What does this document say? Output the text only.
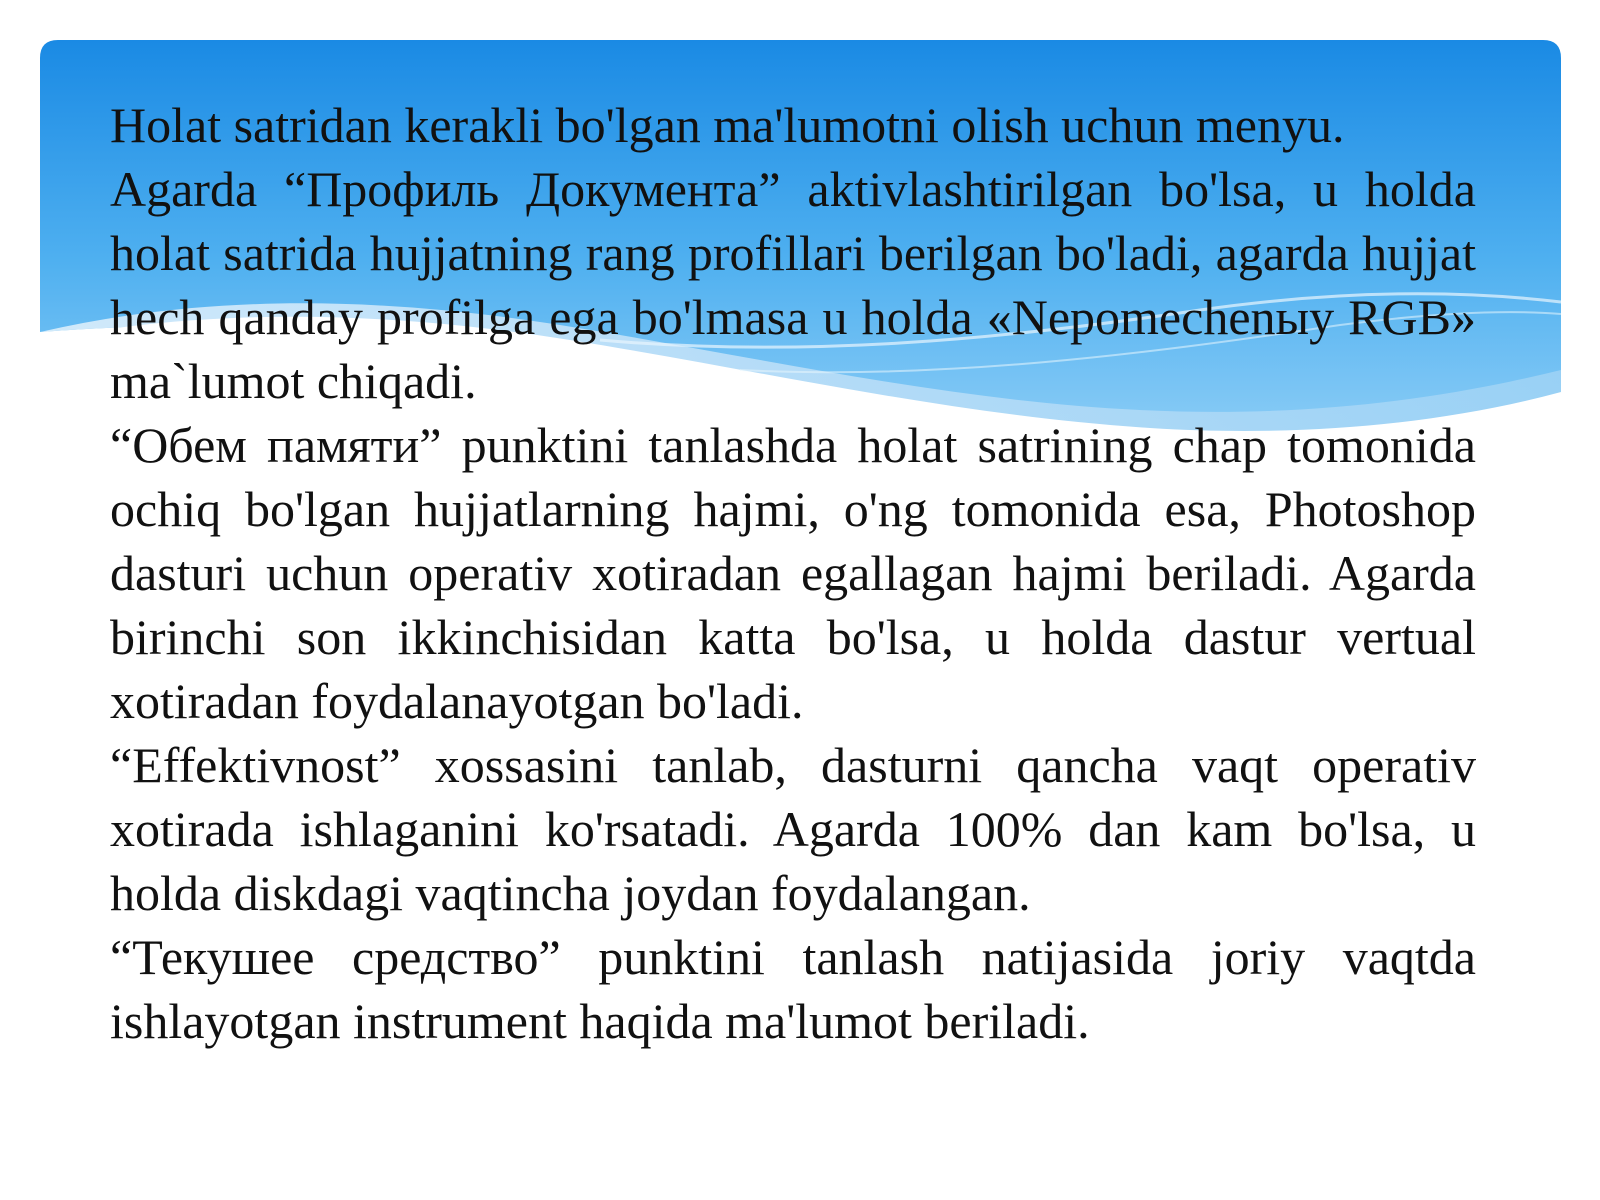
Holat satridan kerakli bo'lgan ma'lumotni olish uchun menyu.

Agarda “Профиль Документа” aktivlashtirilgan bo'lsa, u holda holat satrida hujjatning rang profillari berilgan bo'ladi, agarda hujjat hech qanday profilga ega bo'lmasa u holda «Nepomechenыу RGB» ma`lumot chiqadi.

“Обем памяти” punktini tanlashda holat satrining chap tomonida ochiq bo'lgan hujjatlarning hajmi, o'ng tomonida esa, Photoshop dasturi uchun operativ xotiradan egallagan hajmi beriladi. Agarda birinchi son ikkinchisidan katta bo'lsa, u holda dastur vertual xotiradan foydalanayotgan bo'ladi.

“Effektivnost” xossasini tanlab, dasturni qancha vaqt operativ xotirada ishlaganini ko'rsatadi. Agarda 100% dan kam bo'lsa, u holda diskdagi vaqtincha joydan foydalangan.

“Текушее средство” punktini tanlash natijasida joriy vaqtda ishlayotgan instrument haqida ma'lumot beriladi.
